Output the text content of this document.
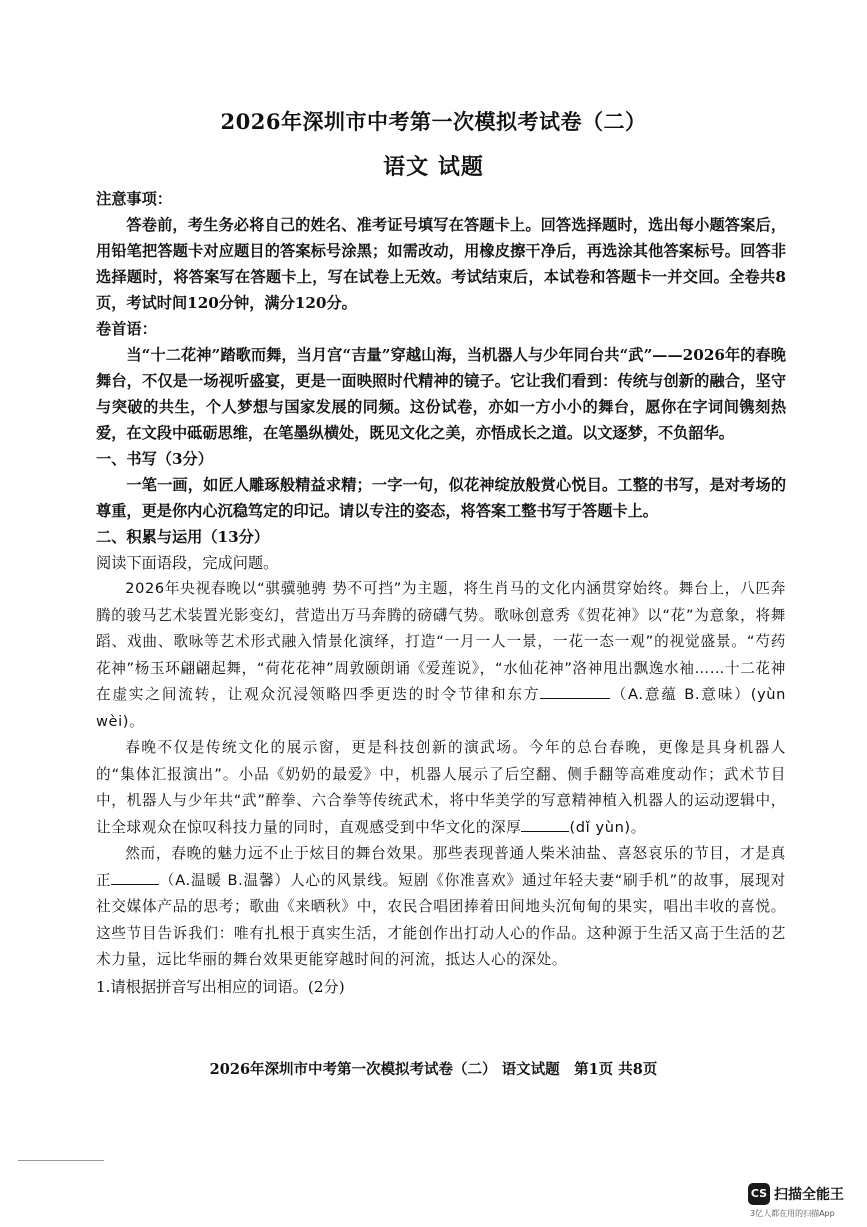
2026年深圳市中考第一次模拟考试卷（二）
语文 试题

注意事项：

答卷前，考生务必将自己的姓名、准考证号填写在答题卡上。回答选择题时，选出每小题答案后，用铅笔把答题卡对应题目的答案标号涂黑；如需改动，用橡皮擦干净后，再选涂其他答案标号。回答非选择题时，将答案写在答题卡上，写在试卷上无效。考试结束后，本试卷和答题卡一并交回。全卷共8页，考试时间120分钟，满分120分。

卷首语：

当“十二花神”踏歌而舞，当月宫“吉量”穿越山海，当机器人与少年同台共“武”——2026年的春晚舞台，不仅是一场视听盛宴，更是一面映照时代精神的镜子。它让我们看到：传统与创新的融合，坚守与突破的共生，个人梦想与国家发展的同频。这份试卷，亦如一方小小的舞台，愿你在字词间镌刻热爱，在文段中砥砺思维，在笔墨纵横处，既见文化之美，亦悟成长之道。以文逐梦，不负韶华。

一、书写（3分）

一笔一画，如匠人雕琢般精益求精；一字一句，似花神绽放般赏心悦目。工整的书写，是对考场的尊重，更是你内心沉稳笃定的印记。请以专注的姿态，将答案工整书写于答题卡上。

二、积累与运用（13分）

阅读下面语段，完成问题。

2026年央视春晚以“骐骥驰骋 势不可挡”为主题，将生肖马的文化内涵贯穿始终。舞台上，八匹奔腾的骏马艺术装置光影变幻，营造出万马奔腾的磅礴气势。歌咏创意秀《贺花神》以“花”为意象，将舞蹈、戏曲、歌咏等艺术形式融入情景化演绎，打造“一月一人一景，一花一态一观”的视觉盛景。“芍药花神”杨玉环翩翩起舞，“荷花花神”周敦颐朗诵《爱莲说》，“水仙花神”洛神甩出飘逸水袖……十二花神在虚实之间流转，让观众沉浸领略四季更迭的时令节律和东方	（A.意蕴 B.意味）(yùn wèi)。

春晚不仅是传统文化的展示窗，更是科技创新的演武场。今年的总台春晚，更像是具身机器人的“集体汇报演出”。小品《奶奶的最爱》中，机器人展示了后空翻、侧手翻等高难度动作；武术节目中，机器人与少年共“武”醉拳、六合拳等传统武术，将中华美学的写意精神植入机器人的运动逻辑中，让全球观众在惊叹科技力量的同时，直观感受到中华文化的深厚	(dǐ yùn)。

然而，春晚的魅力远不止于炫目的舞台效果。那些表现普通人柴米油盐、喜怒哀乐的节目，才是真正	（A.温暖 B.温馨）人心的风景线。短剧《你准喜欢》通过年轻夫妻“刷手机”的故事，展现对社交媒体产品的思考；歌曲《来晒秋》中，农民合唱团捧着田间地头沉甸甸的果实，唱出丰收的喜悦。这些节目告诉我们：唯有扎根于真实生活，才能创作出打动人心的作品。这种源于生活又高于生活的艺术力量，远比华丽的舞台效果更能穿越时间的河流，抵达人心的深处。

1.请根据拼音写出相应的词语。(2分)

2026年深圳市中考第一次模拟考试卷（二） 语文试题　第1页 共8页
CS 扫描全能王
3亿人都在用的扫描App
